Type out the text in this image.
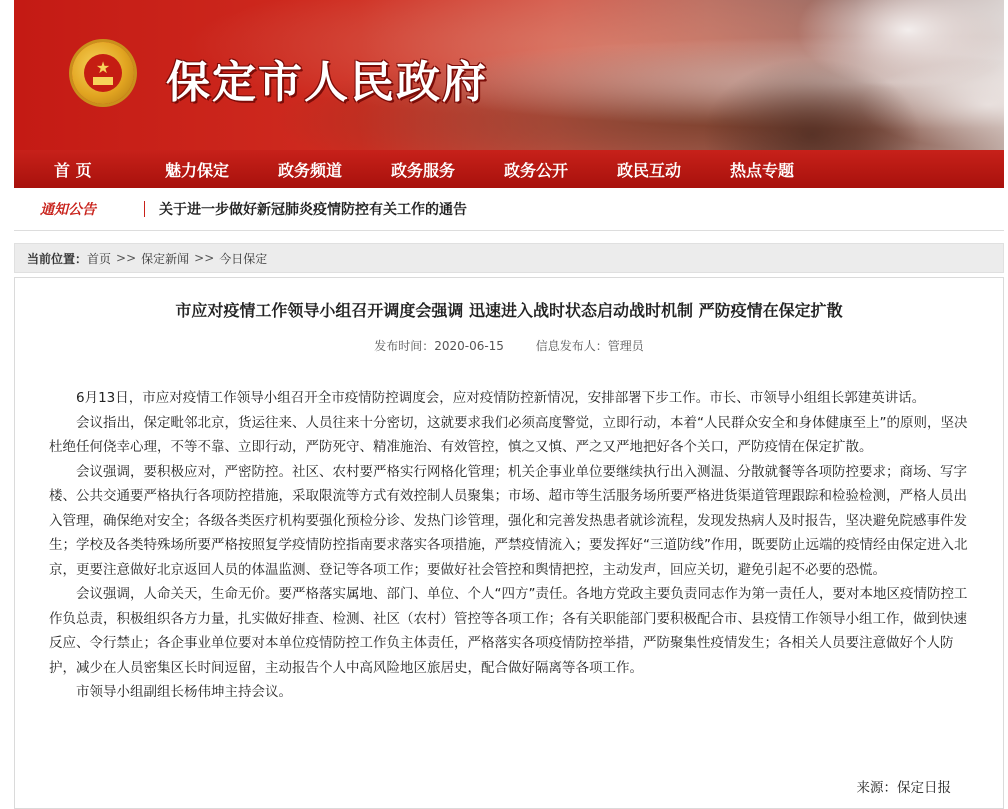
★ 保定市人民政府
首 页	魅力保定	政务频道	政务服务	政务公开	政民互动	热点专题
通知公告	关于进一步做好新冠肺炎疫情防控有关工作的通告
当前位置： 首页 >> 保定新闻 >> 今日保定
市应对疫情工作领导小组召开调度会强调 迅速进入战时状态启动战时机制 严防疫情在保定扩散
发布时间：2020-06-15	信息发布人：管理员

6月13日，市应对疫情工作领导小组召开全市疫情防控调度会，应对疫情防控新情况，安排部署下步工作。市长、市领导小组组长郭建英讲话。

会议指出，保定毗邻北京，货运往来、人员往来十分密切，这就要求我们必须高度警觉，立即行动，本着“人民群众安全和身体健康至上”的原则，坚决杜绝任何侥幸心理，不等不靠、立即行动，严防死守、精准施治、有效管控，慎之又慎、严之又严地把好各个关口，严防疫情在保定扩散。

会议强调，要积极应对，严密防控。社区、农村要严格实行网格化管理；机关企事业单位要继续执行出入测温、分散就餐等各项防控要求；商场、写字楼、公共交通要严格执行各项防控措施，采取限流等方式有效控制人员聚集；市场、超市等生活服务场所要严格进货渠道管理跟踪和检验检测，严格人员出入管理，确保绝对安全；各级各类医疗机构要强化预检分诊、发热门诊管理，强化和完善发热患者就诊流程，发现发热病人及时报告，坚决避免院感事件发生；学校及各类特殊场所要严格按照复学疫情防控指南要求落实各项措施，严禁疫情流入；要发挥好“三道防线”作用，既要防止远端的疫情经由保定进入北京，更要注意做好北京返回人员的体温监测、登记等各项工作；要做好社会管控和舆情把控，主动发声，回应关切，避免引起不必要的恐慌。

会议强调，人命关天，生命无价。要严格落实属地、部门、单位、个人“四方”责任。各地方党政主要负责同志作为第一责任人，要对本地区疫情防控工作负总责，积极组织各方力量，扎实做好排查、检测、社区（农村）管控等各项工作；各有关职能部门要积极配合市、县疫情工作领导小组工作，做到快速反应、令行禁止；各企事业单位要对本单位疫情防控工作负主体责任，严格落实各项疫情防控举措，严防聚集性疫情发生；各相关人员要注意做好个人防护，减少在人员密集区长时间逗留，主动报告个人中高风险地区旅居史，配合做好隔离等各项工作。

市领导小组副组长杨伟坤主持会议。

来源：保定日报
